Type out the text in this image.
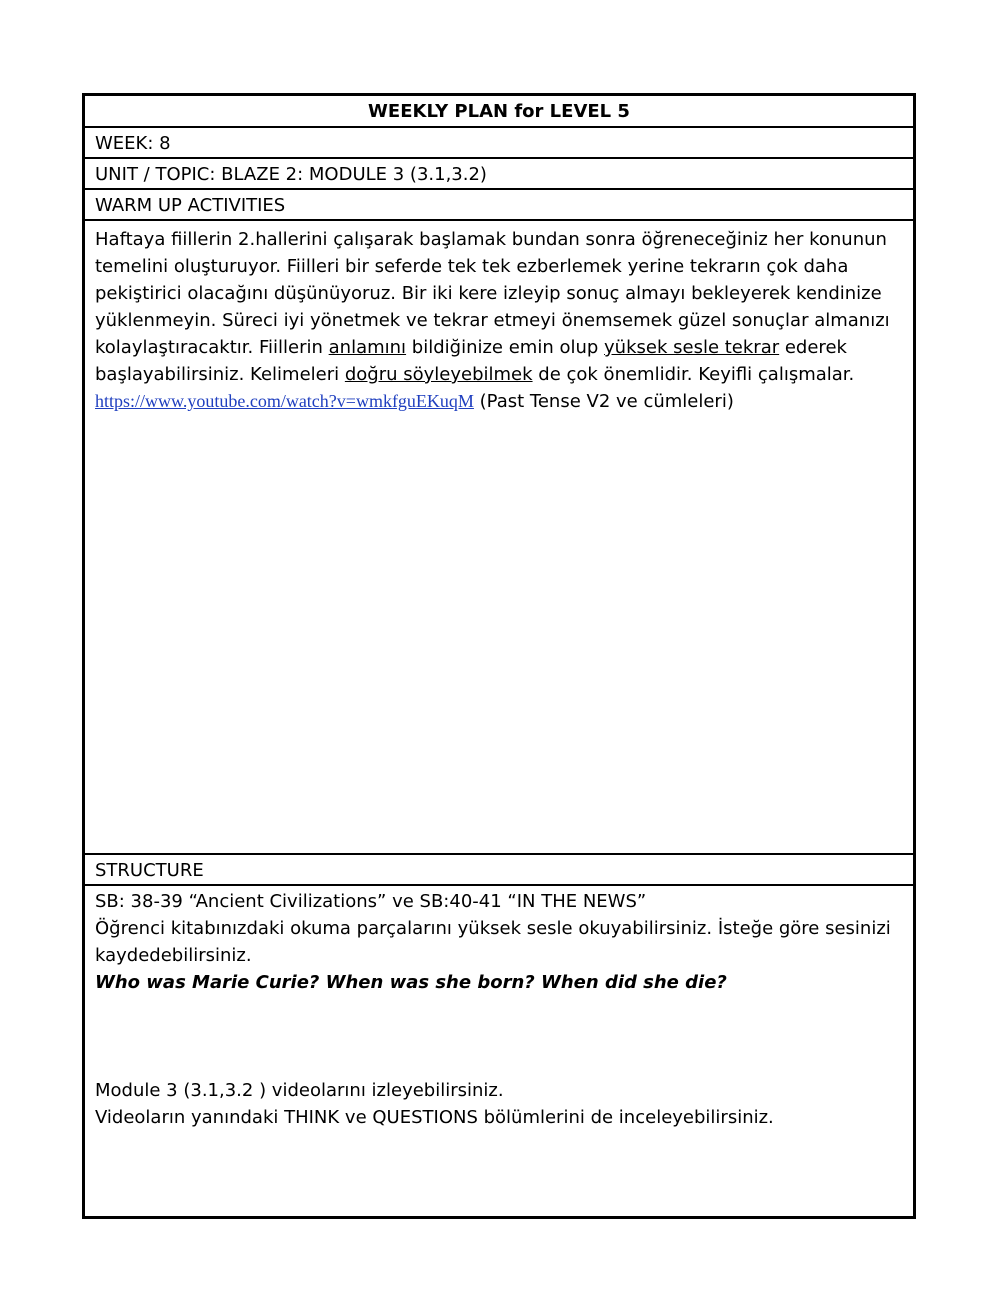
WEEKLY PLAN for LEVEL 5
WEEK: 8
UNIT / TOPIC: BLAZE 2: MODULE 3 (3.1,3.2)
WARM UP ACTIVITIES

Haftaya fiillerin 2.hallerini çalışarak başlamak bundan sonra öğreneceğiniz her konunun temelini oluşturuyor. Fiilleri bir seferde tek tek ezberlemek yerine tekrarın çok daha pekiştirici olacağını düşünüyoruz. Bir iki kere izleyip sonuç almayı bekleyerek kendinize yüklenmeyin. Süreci iyi yönetmek ve tekrar etmeyi önemsemek güzel sonuçlar almanızı kolaylaştıracaktır. Fiillerin anlamını bildiğinize emin olup yüksek sesle tekrar ederek başlayabilirsiniz. Kelimeleri doğru söyleyebilmek de çok önemlidir. Keyifli çalışmalar.

https://www.youtube.com/watch?v=wmkfguEKuqM (Past Tense V2 ve cümleleri)

STRUCTURE

SB: 38-39 “Ancient Civilizations” ve SB:40-41 “IN THE NEWS”

Öğrenci kitabınızdaki okuma parçalarını yüksek sesle okuyabilirsiniz. İsteğe göre sesinizi kaydedebilirsiniz.

Who was Marie Curie? When was she born? When did she die?

Module 3 (3.1,3.2 ) videolarını izleyebilirsiniz.

Videoların yanındaki THINK ve QUESTIONS bölümlerini de inceleyebilirsiniz.
